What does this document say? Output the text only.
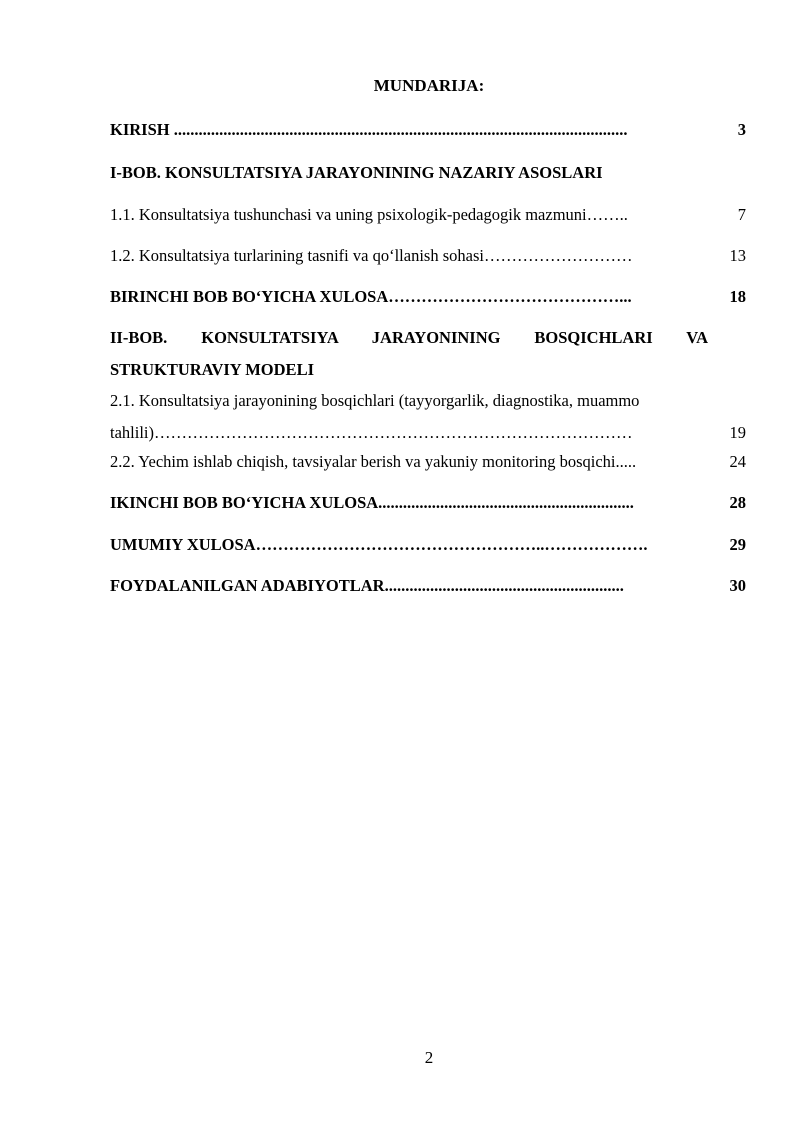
MUNDARIJA:
KIRISH ..............................................................................................................	3
I-BOB. KONSULTATSIYA JARAYONINING NAZARIY ASOSLARI
1.1. Konsultatsiya tushunchasi va uning psixologik-pedagogik mazmuni……..	7
1.2. Konsultatsiya turlarining tasnifi va qo‘llanish sohasi………………………	13
BIRINCHI BOB BO‘YICHA XULOSA……………………………………...	18
II-BOB. KONSULTATSIYA JARAYONINING BOSQICHLARI VA
STRUKTURAVIY MODELI
2.1. Konsultatsiya jarayonining bosqichlari (tayyorgarlik, diagnostika, muammo
tahlili)……………………………………………………………………………	19
2.2. Yechim ishlab chiqish, tavsiyalar berish va yakuniy monitoring bosqichi.....	24
IKINCHI BOB BO‘YICHA XULOSA..............................................................	28
UMUMIY XULOSA……………………………………………..……………….	29
FOYDALANILGAN ADABIYOTLAR..........................................................	30
2
